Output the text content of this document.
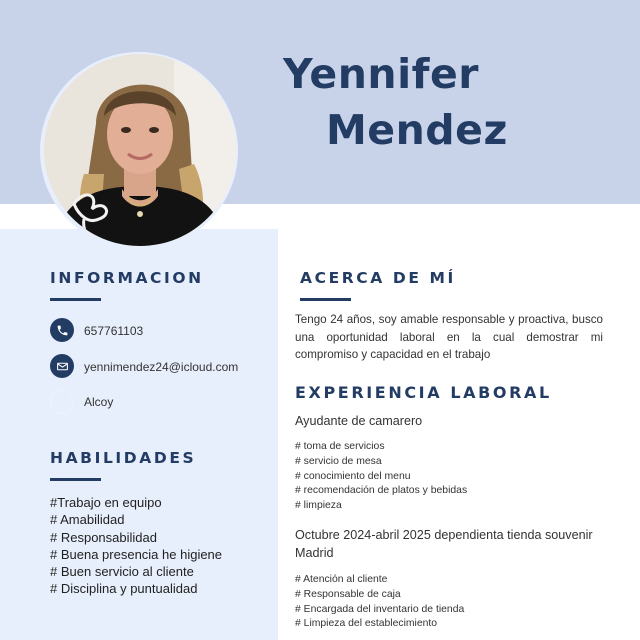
Yennifer
Mendez
INFORMACION
657761103
yennimendez24@icloud.com
Alcoy
HABILIDADES
#Trabajo en equipo
# Amabilidad
# Responsabilidad
# Buena presencia he higiene
# Buen servicio al cliente
# Disciplina y puntualidad
ACERCA DE MÍ

Tengo 24 años, soy amable responsable y proactiva, busco una oportunidad laboral en la cual demostrar mi compromiso y capacidad en el trabajo

EXPERIENCIA LABORAL
Ayudante de camarero
# toma de servicios
# servicio de mesa
# conocimiento del menu
# recomendación de platos y bebidas
# limpieza
Octubre 2024-abril 2025 dependienta tienda souvenir Madrid
# Atención al cliente
# Responsable de caja
# Encargada del inventario de tienda
# Limpieza del establecimiento
